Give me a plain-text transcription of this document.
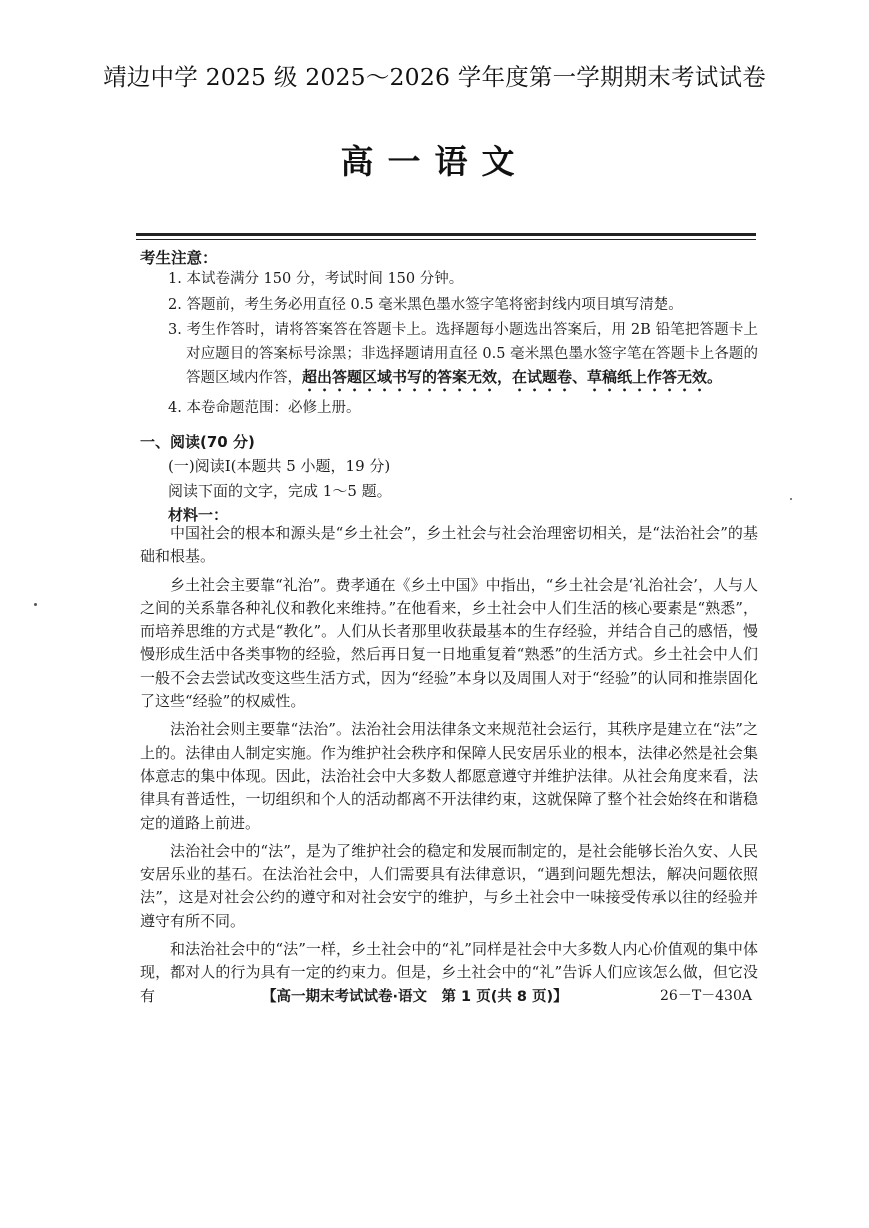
靖边中学 2025 级 2025～2026 学年度第一学期期末考试试卷
高一语文
考生注意：

1. 本试卷满分 150 分，考试时间 150 分钟。

2. 答题前，考生务必用直径 0.5 毫米黑色墨水签字笔将密封线内项目填写清楚。

3. 考生作答时，请将答案答在答题卡上。选择题每小题选出答案后，用 2B 铅笔把答题卡上对应题目的答案标号涂黑；非选择题请用直径 0.5 毫米黑色墨水签字笔在答题卡上各题的答题区域内作答，超出答题区域书写的答案无效，在试题卷、草稿纸上作答无效。

4. 本卷命题范围：必修上册。

一、阅读(70 分)
(一)阅读Ⅰ(本题共 5 小题，19 分)
阅读下面的文字，完成 1～5 题。
材料一：

中国社会的根本和源头是“乡土社会”，乡土社会与社会治理密切相关，是“法治社会”的基础和根基。

乡土社会主要靠“礼治”。费孝通在《乡土中国》中指出，“乡土社会是‘礼治社会’，人与人之间的关系靠各种礼仪和教化来维持。”在他看来，乡土社会中人们生活的核心要素是“熟悉”，而培养思维的方式是“教化”。人们从长者那里收获最基本的生存经验，并结合自己的感悟，慢慢形成生活中各类事物的经验，然后再日复一日地重复着“熟悉”的生活方式。乡土社会中人们一般不会去尝试改变这些生活方式，因为“经验”本身以及周围人对于“经验”的认同和推崇固化了这些“经验”的权威性。

法治社会则主要靠“法治”。法治社会用法律条文来规范社会运行，其秩序是建立在“法”之上的。法律由人制定实施。作为维护社会秩序和保障人民安居乐业的根本，法律必然是社会集体意志的集中体现。因此，法治社会中大多数人都愿意遵守并维护法律。从社会角度来看，法律具有普适性，一切组织和个人的活动都离不开法律约束，这就保障了整个社会始终在和谐稳定的道路上前进。

法治社会中的“法”，是为了维护社会的稳定和发展而制定的，是社会能够长治久安、人民安居乐业的基石。在法治社会中，人们需要具有法律意识，“遇到问题先想法，解决问题依照法”，这是对社会公约的遵守和对社会安宁的维护，与乡土社会中一味接受传承以往的经验并遵守有所不同。

和法治社会中的“法”一样，乡土社会中的“礼”同样是社会中大多数人内心价值观的集中体现，都对人的行为具有一定的约束力。但是，乡土社会中的“礼”告诉人们应该怎么做，但它没有	【高一期末考试试卷·语文　第 1 页(共 8 页)】	26－T－430A
